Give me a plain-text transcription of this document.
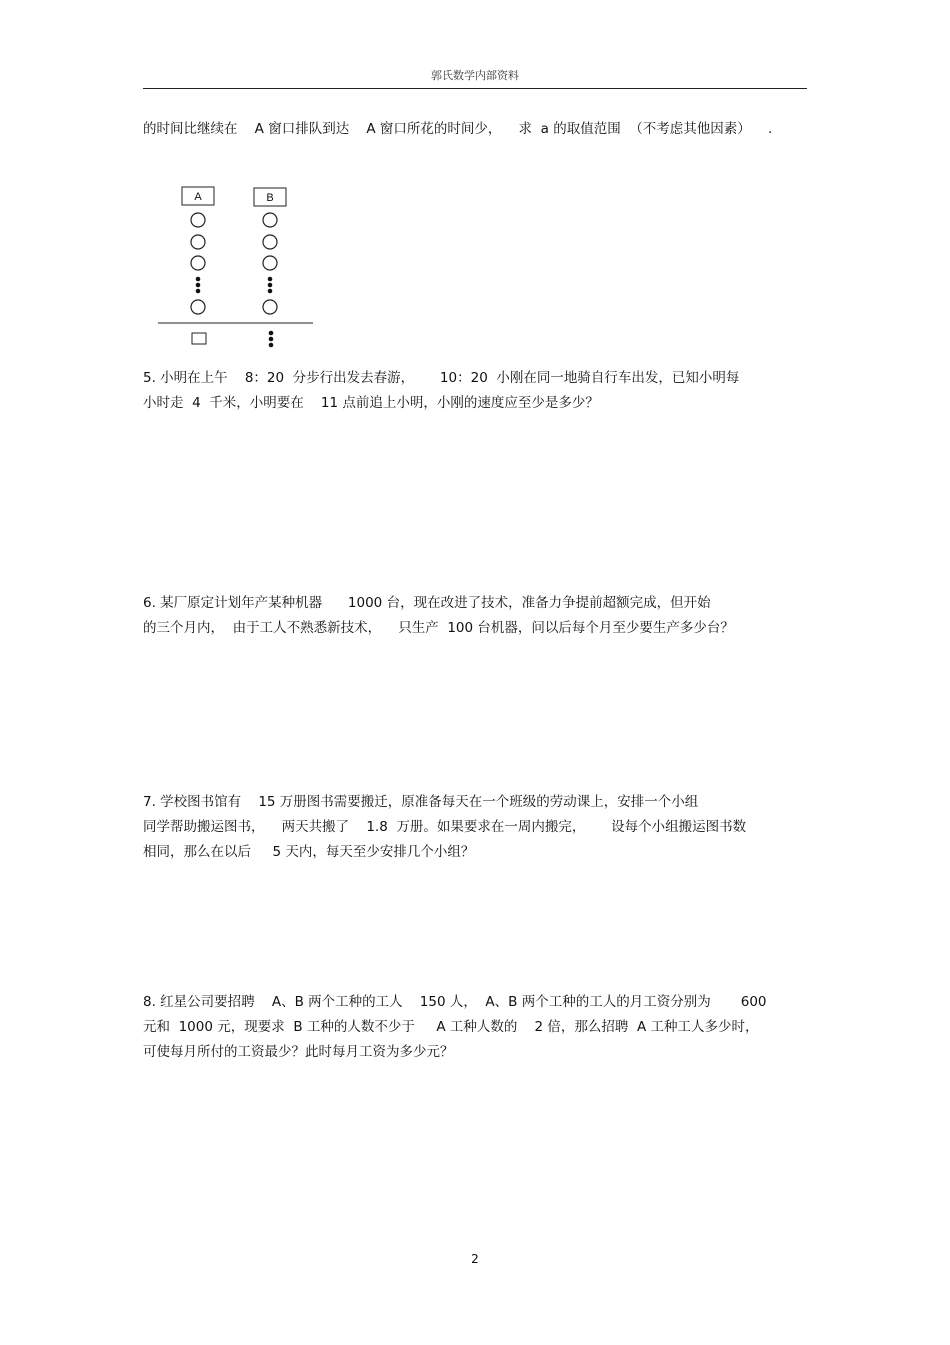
郭氏数学内部资料
的时间比继续在    A 窗口排队到达    A 窗口所花的时间少，    求  a 的取值范围  （不考虑其他因素）    .
A	B
5. 小明在上午    8：20  分步行出发去春游，      10：20  小刚在同一地骑自行车出发，已知小明每
小时走  4  千米，小明要在    11 点前追上小明，小刚的速度应至少是多少？
6. 某厂原定计划年产某种机器      1000 台，现在改进了技术，准备力争提前超额完成，但开始
的三个月内，  由于工人不熟悉新技术，    只生产  100 台机器，问以后每个月至少要生产多少台？
7. 学校图书馆有    15 万册图书需要搬迁，原准备每天在一个班级的劳动课上，安排一个小组
同学帮助搬运图书，    两天共搬了    1.8  万册。如果要求在一周内搬完，      设每个小组搬运图书数
相同，那么在以后     5 天内，每天至少安排几个小组？
8. 红星公司要招聘    A、B 两个工种的工人    150 人，  A、B 两个工种的工人的月工资分别为       600
元和  1000 元，现要求  B 工种的人数不少于     A 工种人数的    2 倍，那么招聘  A 工种工人多少时，
可使每月所付的工资最少？此时每月工资为多少元？
2
